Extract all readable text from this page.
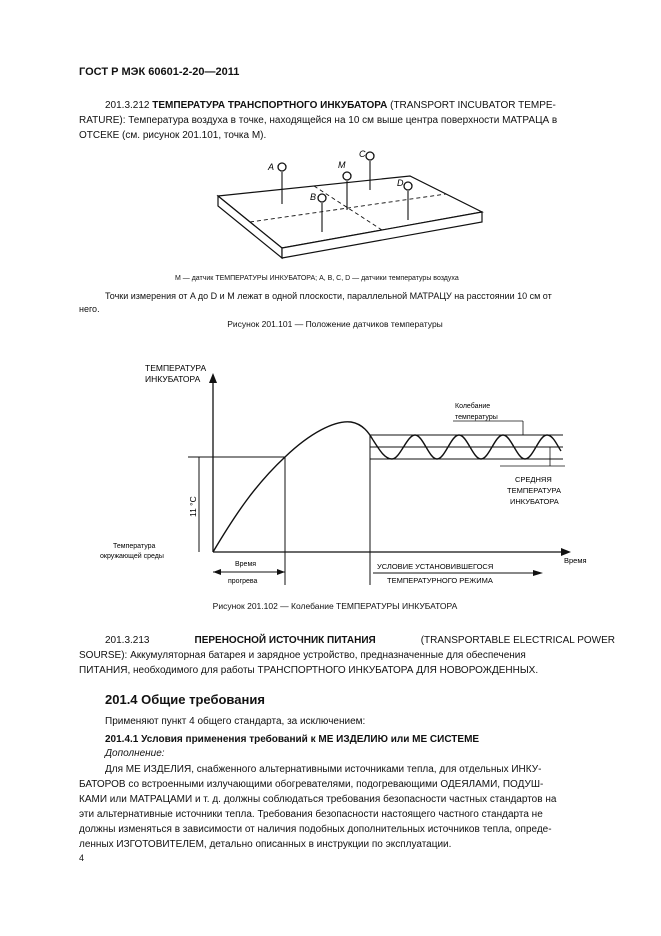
ГОСТ Р МЭК 60601-2-20—2011
201.3.212 ТЕМПЕРАТУРА ТРАНСПОРТНОГО ИНКУБАТОРА (TRANSPORT INCUBATOR TEMPE-
RATURE): Температура воздуха в точке, находящейся на 10 см выше центра поверхности МАТРАЦА в
ОТСЕКЕ (см. рисунок 201.101, точка M).
A	M
C
B
D
M — датчик ТЕМПЕРАТУРЫ ИНКУБАТОРА; A, B, C, D — датчики температуры воздуха
Точки измерения от A до D и M лежат в одной плоскости, параллельной МАТРАЦУ на расстоянии 10 см от
него.
Рисунок 201.101 — Положение датчиков температуры
ТЕМПЕРАТУРА
ИНКУБАТОРА
Температура
окружающей среды
11 °C
Колебание
температуры
СРЕДНЯЯ
ТЕМПЕРАТУРА
ИНКУБАТОРА
Время
Время
прогрева
УСЛОВИЕ УСТАНОВИВШЕГОСЯ
ТЕМПЕРАТУРНОГО РЕЖИМА
Рисунок 201.102 — Колебание ТЕМПЕРАТУРЫ ИНКУБАТОРА
201.3.213	ПЕРЕНОСНОЙ ИСТОЧНИК ПИТАНИЯ	(TRANSPORTABLE ELECTRICAL POWER
SOURSE): Аккумуляторная батарея и зарядное устройство, предназначенные для обеспечения
ПИТАНИЯ, необходимого для работы ТРАНСПОРТНОГО ИНКУБАТОРА ДЛЯ НОВОРОЖДЕННЫХ.
201.4 Общие требования
Применяют пункт 4 общего стандарта, за исключением:
201.4.1 Условия применения требований к МЕ ИЗДЕЛИЮ или МЕ СИСТЕМЕ
Дополнение:
Для МЕ ИЗДЕЛИЯ, снабженного альтернативными источниками тепла, для отдельных ИНКУ-
БАТОРОВ со встроенными излучающими обогревателями, подогревающими ОДЕЯЛАМИ, ПОДУШ-
КАМИ или МАТРАЦАМИ и т. д. должны соблюдаться требования безопасности частных стандартов на
эти альтернативные источники тепла. Требования безопасности настоящего частного стандарта не
должны изменяться в зависимости от наличия подобных дополнительных источников тепла, опреде-
ленных ИЗГОТОВИТЕЛЕМ, детально описанных в инструкции по эксплуатации.
4
